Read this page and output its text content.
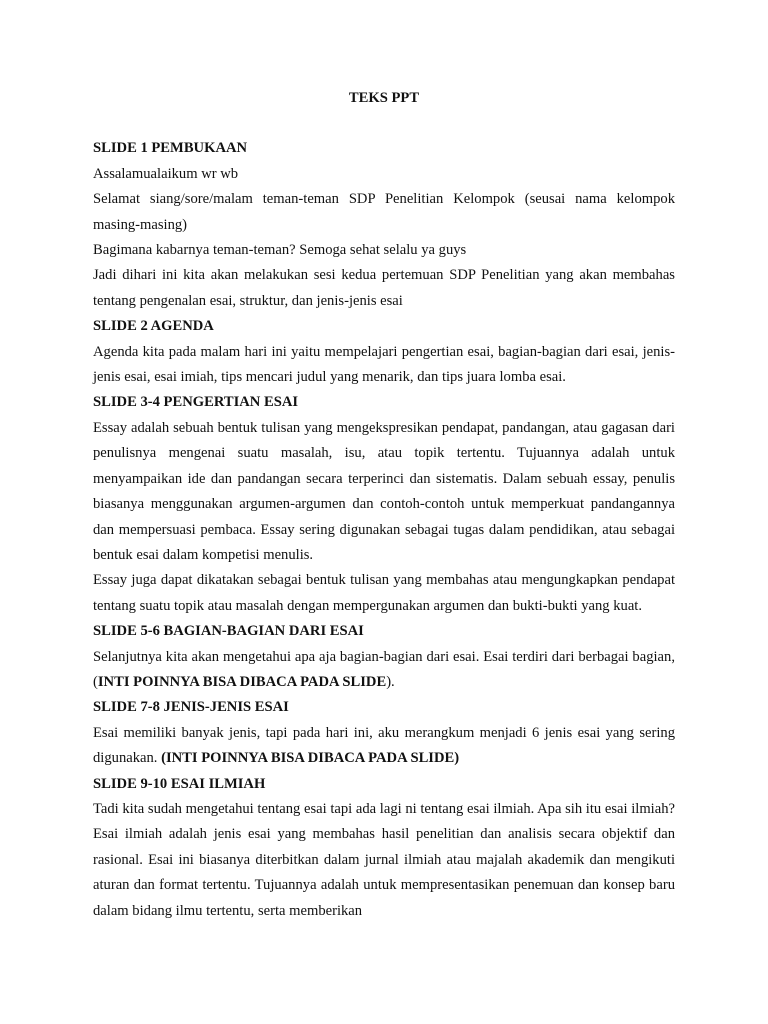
TEKS PPT

SLIDE 1 PEMBUKAAN

Assalamualaikum wr wb

Selamat siang/sore/malam teman-teman SDP Penelitian Kelompok (seusai nama kelompok masing-masing)

Bagimana kabarnya teman-teman? Semoga sehat selalu ya guys

Jadi dihari ini kita akan melakukan sesi kedua pertemuan SDP Penelitian yang akan membahas tentang pengenalan esai, struktur, dan jenis-jenis esai

SLIDE 2 AGENDA

Agenda kita pada malam hari ini yaitu mempelajari pengertian esai, bagian-bagian dari esai, jenis-jenis esai, esai imiah, tips mencari judul yang menarik, dan tips juara lomba esai.

SLIDE 3-4 PENGERTIAN ESAI

Essay adalah sebuah bentuk tulisan yang mengekspresikan pendapat, pandangan, atau gagasan dari penulisnya mengenai suatu masalah, isu, atau topik tertentu. Tujuannya adalah untuk menyampaikan ide dan pandangan secara terperinci dan sistematis. Dalam sebuah essay, penulis biasanya menggunakan argumen-argumen dan contoh-contoh untuk memperkuat pandangannya dan mempersuasi pembaca. Essay sering digunakan sebagai tugas dalam pendidikan, atau sebagai bentuk esai dalam kompetisi menulis.

Essay juga dapat dikatakan sebagai bentuk tulisan yang membahas atau mengungkapkan pendapat tentang suatu topik atau masalah dengan mempergunakan argumen dan bukti-bukti yang kuat.

SLIDE 5-6 BAGIAN-BAGIAN DARI ESAI

Selanjutnya kita akan mengetahui apa aja bagian-bagian dari esai. Esai terdiri dari berbagai bagian, (INTI POINNYA BISA DIBACA PADA SLIDE).

SLIDE 7-8 JENIS-JENIS ESAI

Esai memiliki banyak jenis, tapi pada hari ini, aku merangkum menjadi 6 jenis esai yang sering digunakan. (INTI POINNYA BISA DIBACA PADA SLIDE)

SLIDE 9-10 ESAI ILMIAH

Tadi kita sudah mengetahui tentang esai tapi ada lagi ni tentang esai ilmiah. Apa sih itu esai ilmiah? Esai ilmiah adalah jenis esai yang membahas hasil penelitian dan analisis secara objektif dan rasional. Esai ini biasanya diterbitkan dalam jurnal ilmiah atau majalah akademik dan mengikuti aturan dan format tertentu. Tujuannya adalah untuk mempresentasikan penemuan dan konsep baru dalam bidang ilmu tertentu, serta memberikan
